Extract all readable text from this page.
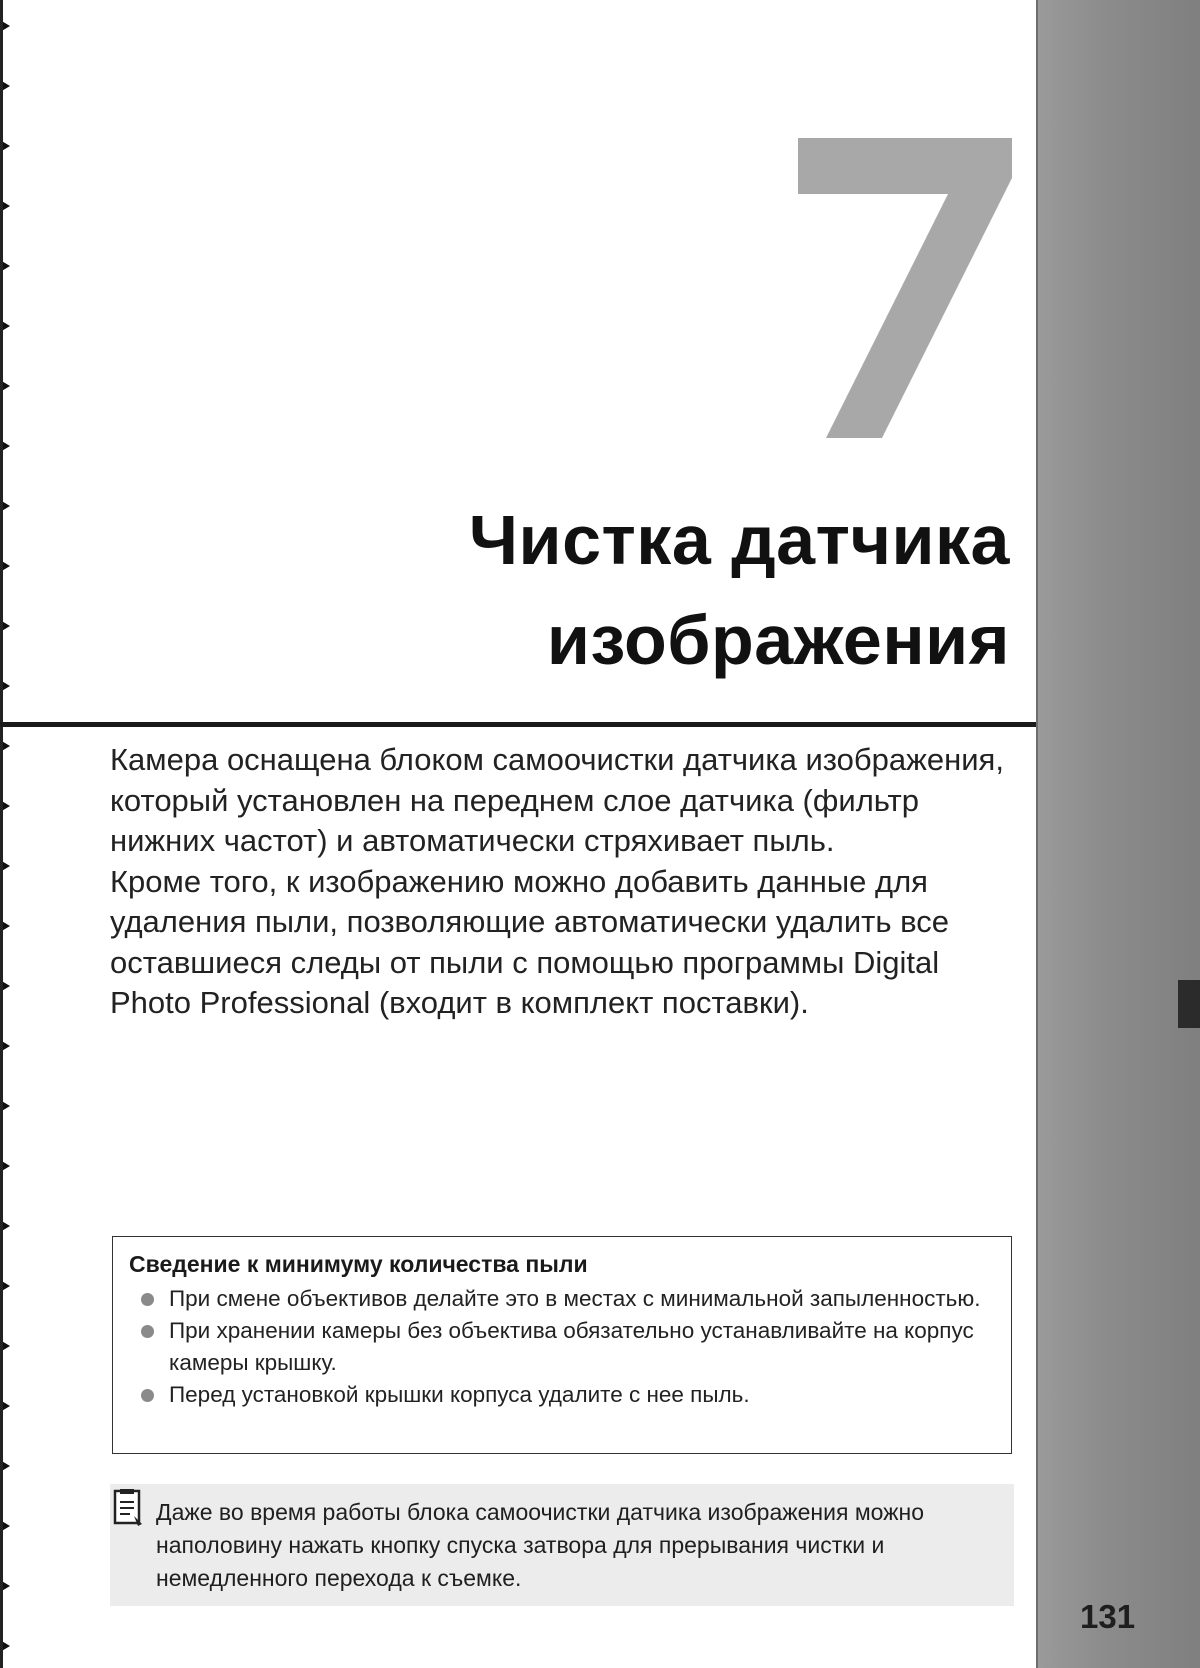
Чистка датчика
изображения

Камера оснащена блоком самоочистки датчика изображения, который установлен на переднем слое датчика (фильтр нижних частот) и автоматически стряхивает пыль.

Кроме того, к изображению можно добавить данные для удаления пыли, позволяющие автоматически удалить все оставшиеся следы от пыли с помощью программы Digital Photo Professional (входит в комплект поставки).

Сведение к минимуму количества пыли
При смене объективов делайте это в местах с минимальной запыленностью.
При хранении камеры без объектива обязательно устанавливайте на корпус камеры крышку.
Перед установкой крышки корпуса удалите с нее пыль.
Даже во время работы блока самоочистки датчика изображения можно наполовину нажать кнопку спуска затвора для прерывания чистки и немедленного перехода к съемке.
131
